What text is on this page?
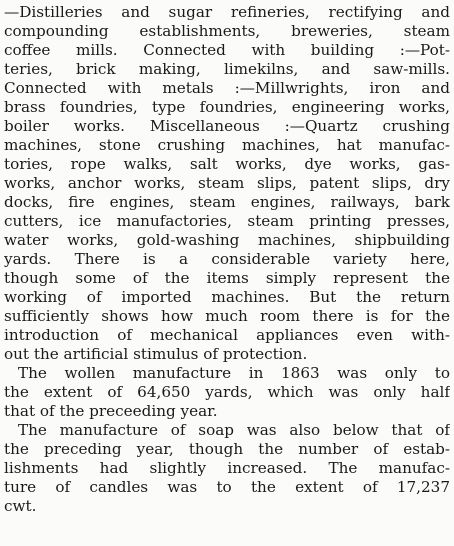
—Distilleries and sugar refineries, rectifying and
compounding establishments, breweries, steam
coffee mills. Connected with building :—Pot-
teries, brick making, limekilns, and saw-mills.
Connected with metals :—Millwrights, iron and
brass foundries, type foundries, engineering works,
boiler works. Miscellaneous :—Quartz crushing
machines, stone crushing machines, hat manufac-
tories, rope walks, salt works, dye works, gas-
works, anchor works, steam slips, patent slips, dry
docks, fire engines, steam engines, railways, bark
cutters, ice manufactories, steam printing presses,
water works, gold-washing machines, shipbuilding
yards. There is a considerable variety here,
though some of the items simply represent the
working of imported machines. But the return
sufficiently shows how much room there is for the
introduction of mechanical appliances even with-
out the artificial stimulus of protection.
The wollen manufacture in 1863 was only to
the extent of 64,650 yards, which was only half
that of the preceeding year.
The manufacture of soap was also below that of
the preceding year, though the number of estab-
lishments had slightly increased. The manufac-
ture of candles was to the extent of 17,237
cwt.
